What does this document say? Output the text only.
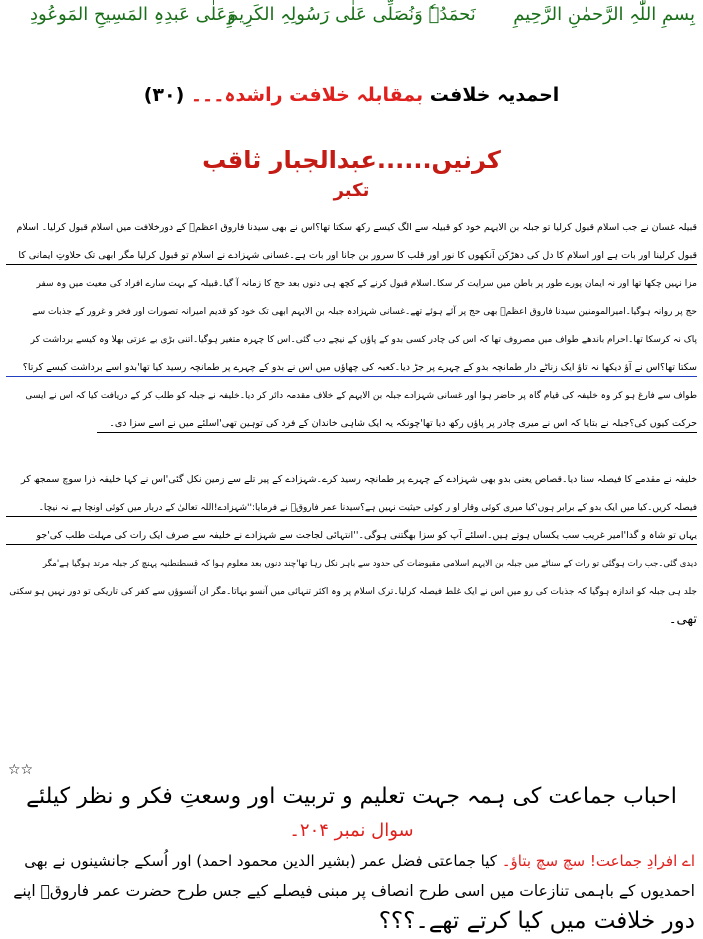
بِسمِ اللّٰہِ الرَّحمٰنِ الرَّحِیمِ
نَحمَدُہٗ وَنُصَلِّی عَلٰی رَسُولِہِ الکَرِیمِ
وَعَلٰی عَبدِہِ المَسِیحِ المَوعُودِ
احمدیہ خلافت بمقابلہ خلافت راشدہ۔۔۔ (۳۰)
کرنیں......عبدالجبار ثاقب
تکبر
قبیلہ غسان نے جب اسلام قبول کرلیا تو جبلہ بن الایہم خود کو قبیلہ سے الگ کیسے رکھ سکتا تھا؟اس نے بھی سیدنا فاروق اعظمؓ کے دورخلافت میں اسلام قبول کرلیا۔ اسلام
قبول کرلینا اور بات ہے اور اسلام کا دل کی دھڑکن آنکھوں کا نور اور قلب کا سرور بن جانا اور بات ہے۔غسانی شہزادے نے اسلام تو قبول کرلیا مگر ابھی تک حلاوتِ ایمانی کا
مزا نہیں چکھا تھا اور نہ ایمان پورے طور پر باطن میں سرایت کر سکا۔اسلام قبول کرنے کے کچھ ہی دنوں بعد حج کا زمانہ آ گیا۔قبیلہ کے بہت سارے افراد کی معیت میں وہ سفر
حج پر روانہ ہوگیا۔امیرالمومنین سیدنا فاروق اعظمؓ بھی حج پر آئے ہوئے تھے۔غسانی شہزادہ جبلہ بن الایہم ابھی تک خود کو قدیم امیرانہ تصورات اور فخر و غرور کے جذبات سے
پاک نہ کرسکا تھا۔احرام باندھے طواف میں مصروف تھا کہ اس کی چادر کسی بدو کے پاؤں کے نیچے دب گئی۔اس کا چہرہ متغیر ہوگیا۔اتنی بڑی بے عزتی بھلا وہ کیسے برداشت کر
سکتا تھا؟اس نے آؤ دیکھا نہ تاؤ ایک زناٹے دار طمانچہ بدو کے چہرے پر جڑ دیا۔کعبہ کی چھاؤں میں اس نے بدو کے چہرے پر طمانچہ رسید کیا تھا'بدو اسے برداشت کیسے کرتا؟
طواف سے فارغ ہو کر وہ خلیفہ کی قیام گاہ پر حاضر ہوا اور غسانی شہزادے جبلہ بن الایہم کے خلاف مقدمہ دائر کر دیا۔خلیفہ نے جبلہ کو طلب کر کے دریافت کیا کہ اس نے ایسی
حرکت کیوں کی؟جبلہ نے بتایا کہ اس نے میری چادر پر پاؤں رکھ دیا تھا'چونکہ یہ ایک شاہی خاندان کے فرد کی توہین تھی'اسلئے میں نے اسے سزا دی۔
خلیفہ نے مقدمے کا فیصلہ سنا دیا۔قصاص یعنی بدو بھی شہزادے کے چہرے پر طمانچہ رسید کرے۔شہزادے کے پیر تلے سے زمین نکل گئی'اس نے کہا خلیفہ ذرا سوچ سمجھ کر
فیصلہ کریں۔کیا میں ایک بدو کے برابر ہوں'کیا میری کوئی وقار او ر کوئی حیثیت نہیں ہے؟سیدنا عمر فاروقؓ نے فرمایا:''شہزادے!اللہ تعالیٰ کے دربار میں کوئی اونچا ہے نہ نیچا۔
یہاں تو شاہ و گدا'امیر غریب سب یکساں ہوتے ہیں۔اسلئے آپ کو سزا بھگتنی ہوگی۔''انتہائی لجاجت سے شہزادے نے خلیفہ سے صرف ایک رات کی مہلت طلب کی'جو
دیدی گئی۔جب رات ہوگئی تو رات کے سناٹے میں جبلہ بن الایہم اسلامی مقبوضات کی حدود سے باہر نکل رہا تھا'چند دنوں بعد معلوم ہوا کہ قسطنطنیہ پہنچ کر جبلہ مرتد ہوگیا ہے'مگر
جلد ہی جبلہ کو اندازہ ہوگیا کہ جذبات کی رو میں اس نے ایک غلط فیصلہ کرلیا۔ترک اسلام پر وہ اکثر تنہائی میں آنسو بہاتا۔مگر ان آنسوؤں سے کفر کی تاریکی تو دور نہیں ہو سکتی
تھی۔
☆☆
احباب جماعت کی ہمہ جہت تعلیم و تربیت اور وسعتِ فکر و نظر کیلئے
سوال نمبر ۲۰۴۔
اے افرادِ جماعت! سچ سچ بتاؤ۔ کیا جماعتی فضل عمر (بشیر الدین محمود احمد) اور اُسکے جانشینوں نے بھی
احمدیوں کے باہمی تنازعات میں اسی طرح انصاف پر مبنی فیصلے کیے جس طرح حضرت عمر فاروقؓ اپنے
دور خلافت میں کیا کرتے تھے۔؟؟؟
